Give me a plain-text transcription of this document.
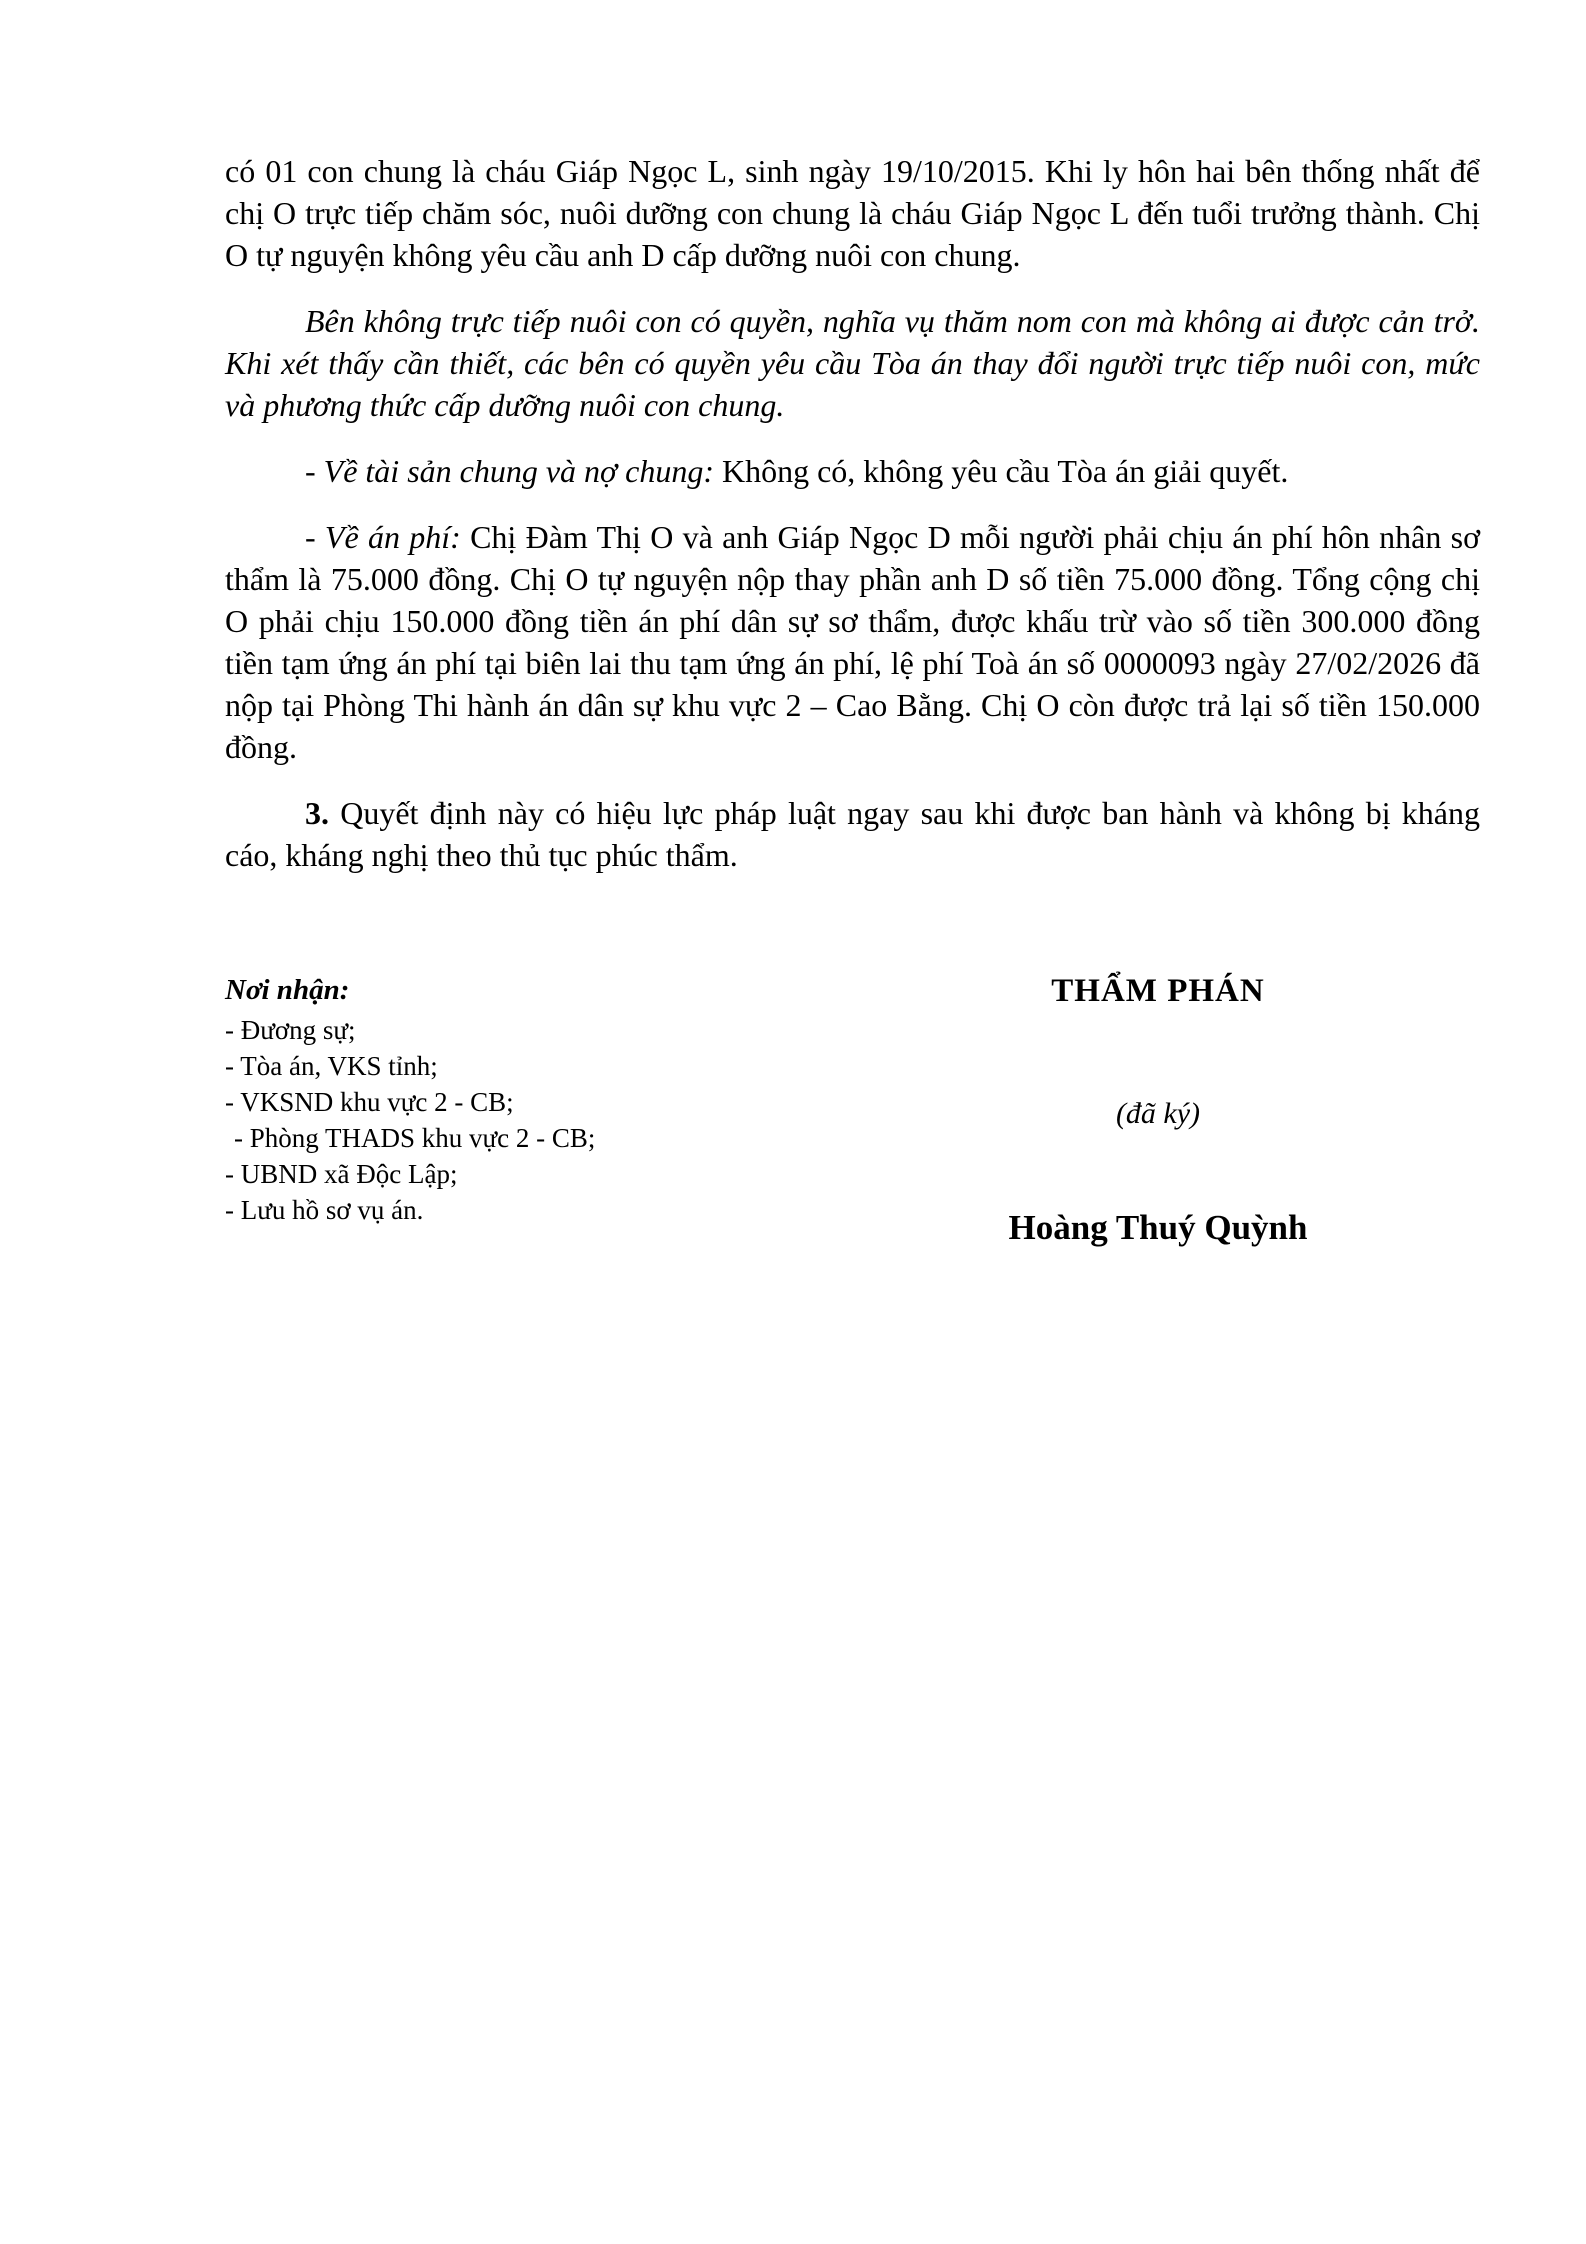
có 01 con chung là cháu Giáp Ngọc L, sinh ngày 19/10/2015. Khi ly hôn hai bên thống nhất để chị O trực tiếp chăm sóc, nuôi dưỡng con chung là cháu Giáp Ngọc L đến tuổi trưởng thành. Chị O tự nguyện không yêu cầu anh D cấp dưỡng nuôi con chung.

Bên không trực tiếp nuôi con có quyền, nghĩa vụ thăm nom con mà không ai được cản trở. Khi xét thấy cần thiết, các bên có quyền yêu cầu Tòa án thay đổi người trực tiếp nuôi con, mức và phương thức cấp dưỡng nuôi con chung.

- Về tài sản chung và nợ chung: Không có, không yêu cầu Tòa án giải quyết.

- Về án phí: Chị Đàm Thị O và anh Giáp Ngọc D mỗi người phải chịu án phí hôn nhân sơ thẩm là 75.000 đồng. Chị O tự nguyện nộp thay phần anh D số tiền 75.000 đồng. Tổng cộng chị O phải chịu 150.000 đồng tiền án phí dân sự sơ thẩm, được khấu trừ vào số tiền 300.000 đồng tiền tạm ứng án phí tại biên lai thu tạm ứng án phí, lệ phí Toà án số 0000093 ngày 27/02/2026 đã nộp tại Phòng Thi hành án dân sự khu vực 2 – Cao Bằng. Chị O còn được trả lại số tiền 150.000 đồng.

3. Quyết định này có hiệu lực pháp luật ngay sau khi được ban hành và không bị kháng cáo, kháng nghị theo thủ tục phúc thẩm.

Nơi nhận:
- Đương sự;
- Tòa án, VKS tỉnh;
- VKSND khu vực 2 - CB;
- Phòng THADS khu vực 2 - CB;
- UBND xã Độc Lập;
- Lưu hồ sơ vụ án.
THẨM PHÁN
(đã ký)
Hoàng Thuý Quỳnh
